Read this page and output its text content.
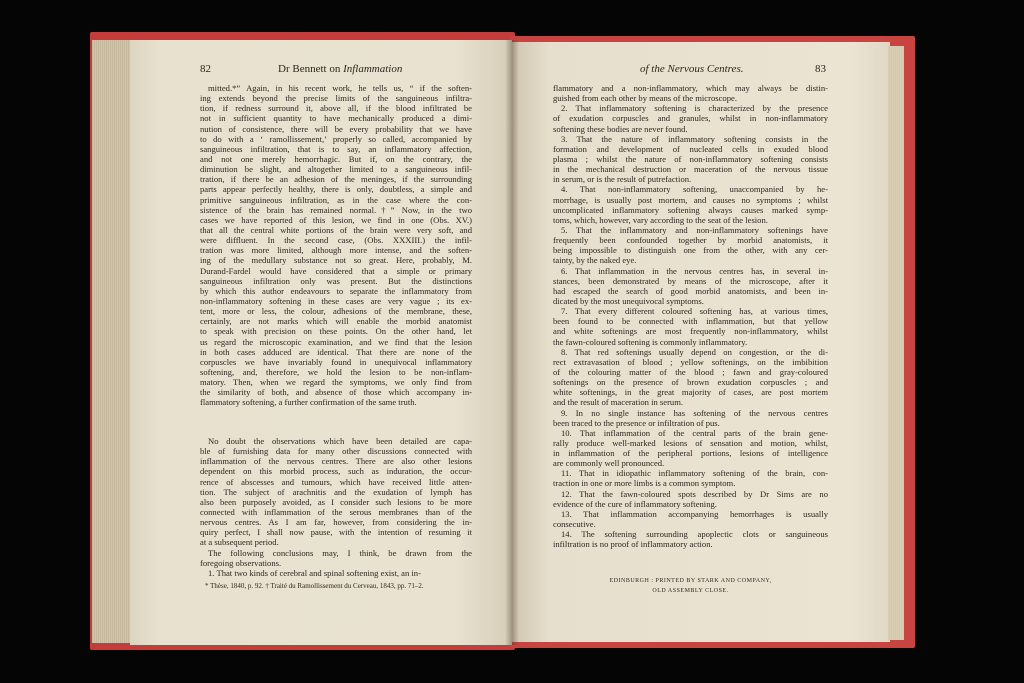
82	Dr Bennett on Inflammation
mitted.*” Again, in his recent work, he tells us, “ if the soften-
ing extends beyond the precise limits of the sanguineous infiltra-
tion, if redness surround it, above all, if the blood infiltrated be
not in sufficient quantity to have mechanically produced a dimi-
nution of consistence, there will be every probability that we have
to do with a ‘ ramollissement,’ properly so called, accompanied by
sanguineous infiltration, that is to say, an inflammatory affection,
and not one merely hemorrhagic. But if, on the contrary, the
diminution be slight, and altogether limited to a sanguineous infil-
tration, if there be an adhesion of the meninges, if the surrounding
parts appear perfectly healthy, there is only, doubtless, a simple and
primitive sanguineous infiltration, as in the case where the con-
sistence of the brain has remained normal.†” Now, in the two
cases we have reported of this lesion, we find in one (Obs. XV.)
that all the central white portions of the brain were very soft, and
were diffluent. In the second case, (Obs. XXXIII.) the infil-
tration was more limited, although more intense, and the soften-
ing of the medullary substance not so great. Here, probably, M.
Durand-Fardel would have considered that a simple or primary
sanguineous infiltration only was present. But the distinctions
by which this author endeavours to separate the inflammatory from
non-inflammatory softening in these cases are very vague ; its ex-
tent, more or less, the colour, adhesions of the membrane, these,
certainly, are not marks which will enable the morbid anatomist
to speak with precision on these points. On the other hand, let
us regard the microscopic examination, and we find that the lesion
in both cases adduced are identical. That there are none of the
corpuscles we have invariably found in unequivocal inflammatory
softening, and, therefore, we hold the lesion to be non-inflam-
matory. Then, when we regard the symptoms, we only find from
the similarity of both, and absence of those which accompany in-
flammatory softening, a further confirmation of the same truth.
No doubt the observations which have been detailed are capa-
ble of furnishing data for many other discussions connected with
inflammation of the nervous centres. There are also other lesions
dependent on this morbid process, such as induration, the occur-
rence of abscesses and tumours, which have received little atten-
tion. The subject of arachnitis and the exudation of lymph has
also been purposely avoided, as I consider such lesions to be more
connected with inflammation of the serous membranes than of the
nervous centres. As I am far, however, from considering the in-
quiry perfect, I shall now pause, with the intention of resuming it
at a subsequent period.
The following conclusions may, I think, be drawn from the
foregoing observations.
1. That two kinds of cerebral and spinal softening exist, an in-
* Thèse, 1840, p. 92. † Traité du Ramollissement du Cerveau, 1843, pp. 71–2.
of the Nervous Centres.	83
flammatory and a non-inflammatory, which may always be distin-
guished from each other by means of the microscope.
2. That inflammatory softening is characterized by the presence
of exudation corpuscles and granules, whilst in non-inflammatory
softening these bodies are never found.
3. That the nature of inflammatory softening consists in the
formation and development of nucleated cells in exuded blood
plasma ; whilst the nature of non-inflammatory softening consists
in the mechanical destruction or maceration of the nervous tissue
in serum, or is the result of putrefaction.
4. That non-inflammatory softening, unaccompanied by he-
morrhage, is usually post mortem, and causes no symptoms ; whilst
uncomplicated inflammatory softening always causes marked symp-
toms, which, however, vary according to the seat of the lesion.
5. That the inflammatory and non-inflammatory softenings have
frequently been confounded together by morbid anatomists, it
being impossible to distinguish one from the other, with any cer-
tainty, by the naked eye.
6. That inflammation in the nervous centres has, in several in-
stances, been demonstrated by means of the microscope, after it
had escaped the search of good morbid anatomists, and been in-
dicated by the most unequivocal symptoms.
7. That every different coloured softening has, at various times,
been found to be connected with inflammation, but that yellow
and white softenings are most frequently non-inflammatory, whilst
the fawn-coloured softening is commonly inflammatory.
8. That red softenings usually depend on congestion, or the di-
rect extravasation of blood ; yellow softenings, on the imbibition
of the colouring matter of the blood ; fawn and gray-coloured
softenings on the presence of brown exudation corpuscles ; and
white softenings, in the great majority of cases, are post mortem
and the result of maceration in serum.
9. In no single instance has softening of the nervous centres
been traced to the presence or infiltration of pus.
10. That inflammation of the central parts of the brain gene-
rally produce well-marked lesions of sensation and motion, whilst,
in inflammation of the peripheral portions, lesions of intelligence
are commonly well pronounced.
11. That in idiopathic inflammatory softening of the brain, con-
traction in one or more limbs is a common symptom.
12. That the fawn-coloured spots described by Dr Sims are no
evidence of the cure of inflammatory softening.
13. That inflammation accompanying hemorrhages is usually
consecutive.
14. The softening surrounding apoplectic clots or sanguineous
infiltration is no proof of inflammatory action.
EDINBURGH : PRINTED BY STARK AND COMPANY,
OLD ASSEMBLY CLOSE.
